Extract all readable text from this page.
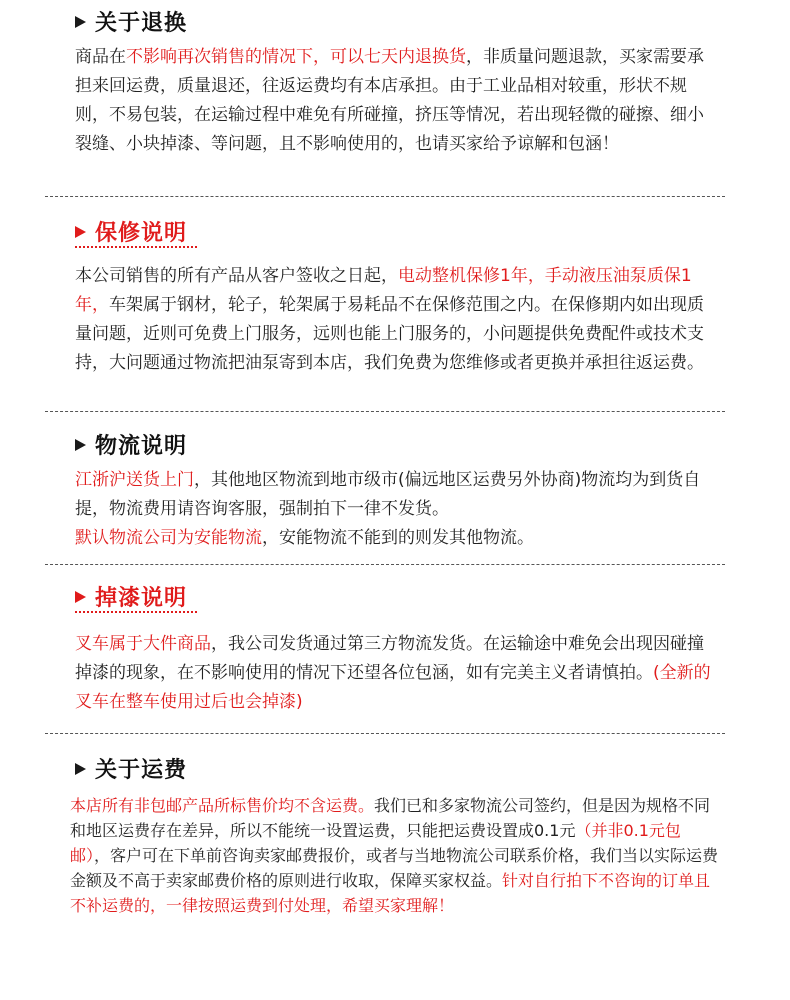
关于退换
商品在不影响再次销售的情况下，可以七天内退换货，非质量问题退款，买家需要承担来回运费，质量退还，往返运费均有本店承担。由于工业品相对较重，形状不规则，不易包装，在运输过程中难免有所碰撞，挤压等情况，若出现轻微的碰擦、细小裂缝、小块掉漆、等问题，且不影响使用的，也请买家给予谅解和包涵！
保修说明
本公司销售的所有产品从客户签收之日起，电动整机保修1年，手动液压油泵质保1年，车架属于钢材，轮子，轮架属于易耗品不在保修范围之内。在保修期内如出现质量问题，近则可免费上门服务，远则也能上门服务的，小问题提供免费配件或技术支持，大问题通过物流把油泵寄到本店，我们免费为您维修或者更换并承担往返运费。
物流说明
江浙沪送货上门，其他地区物流到地市级市(偏远地区运费另外协商)物流均为到货自提，物流费用请咨询客服，强制拍下一律不发货。
默认物流公司为安能物流，安能物流不能到的则发其他物流。
掉漆说明
叉车属于大件商品，我公司发货通过第三方物流发货。在运输途中难免会出现因碰撞掉漆的现象，在不影响使用的情况下还望各位包涵，如有完美主义者请慎拍。(全新的叉车在整车使用过后也会掉漆)
关于运费
本店所有非包邮产品所标售价均不含运费。我们已和多家物流公司签约，但是因为规格不同和地区运费存在差异，所以不能统一设置运费，只能把运费设置成0.1元（并非0.1元包邮），客户可在下单前咨询卖家邮费报价，或者与当地物流公司联系价格，我们当以实际运费金额及不高于卖家邮费价格的原则进行收取，保障买家权益。针对自行拍下不咨询的订单且不补运费的，一律按照运费到付处理，希望买家理解！
